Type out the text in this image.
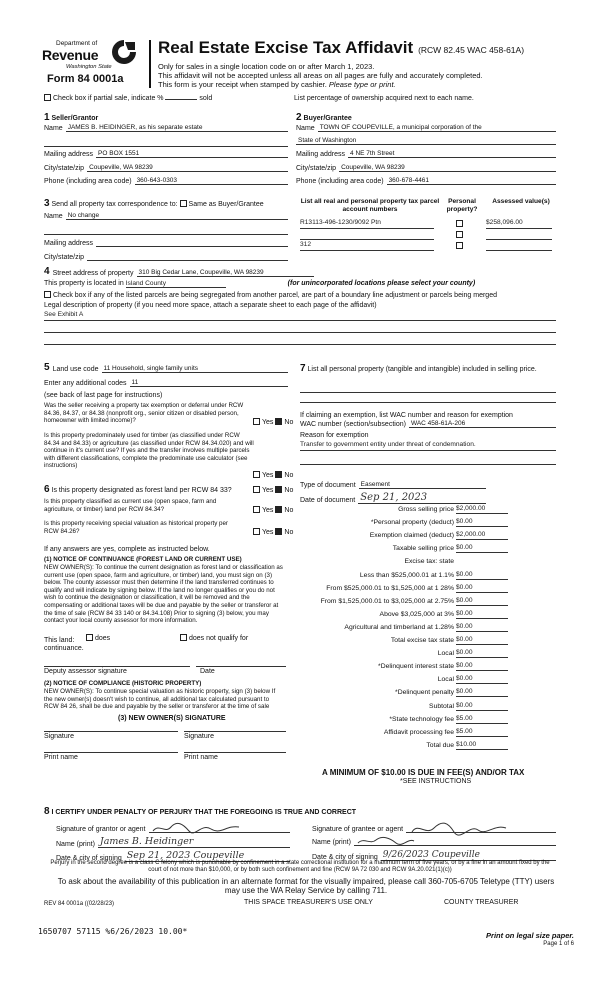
Department of
Revenue
Washington State
Form 84 0001a
Real Estate Excise Tax Affidavit (RCW 82.45 WAC 458-61A)
Only for sales in a single location code on or after March 1, 2023.
This affidavit will not be accepted unless all areas on all pages are fully and accurately completed.
This form is your receipt when stamped by cashier. Please type or print.
Check box if partial sale, indicate %	sold	List percentage of ownership acquired next to each name.
1 Seller/Grantor
Name JAMES B. HEIDINGER, as his separate estate
Mailing address PO BOX 1551
City/state/zip Coupeville, WA 98239
Phone (including area code) 360-643-0303
2 Buyer/Grantee
Name TOWN OF COUPEVILLE, a municipal corporation of the
State of Washington
Mailing address 4 NE 7th Street
City/state/zip Coupeville, WA 98239
Phone (including area code) 360-678-4461
3 Send all property tax correspondence to: Same as Buyer/Grantee
Name No change
Mailing address
City/state/zip
List all real and personal property tax parcel account numbers
Personal property?
Assessed value(s)
R13113-496-1230/9092 Ptn	$258,096.00
312
4 Street address of property 310 Big Cedar Lane, Coupeville, WA 98239
This property is located in Island County	(for unincorporated locations please select your county)
Check box if any of the listed parcels are being segregated from another parcel, are part of a boundary line adjustment or parcels being merged
Legal description of property (if you need more space, attach a separate sheet to each page of the affidavit)
See Exhibit A
5 Land use code 11 Household, single family units
Enter any additional codes 11
(see back of last page for instructions)
Was the seller receiving a property tax exemption or deferral under RCW 84.36, 84.37, or 84.38 (nonprofit org., senior citizen or disabled person, homeowner with limited income)?	Yes No
Is this property predominately used for timber (as classified under RCW 84.34 and 84.33) or agriculture (as classified under RCW 84.34.020) and will continue in it's current use? If yes and the transfer involves multiple parcels with different classifications, complete the predominate use calculator (see instructions)
Yes No
6 Is this property designated as forest land per RCW 84 33?	Yes No
Is this property classified as current use (open space, farm and agriculture, or timber) land per RCW 84.34?	Yes No
Is this property receiving special valuation as historical property per RCW 84.26?	Yes No
If any answers are yes, complete as instructed below.
(1) NOTICE OF CONTINUANCE (FOREST LAND OR CURRENT USE)
NEW OWNER(S): To continue the current designation as forest land or classification as current use (open space, farm and agriculture, or timber) land, you must sign on (3) below. The county assessor must then determine if the land transferred continues to qualify and will indicate by signing below. If the land no longer qualifies or you do not wish to continue the designation or classification, it will be removed and the compensating or additional taxes will be due and payable by the seller or transferor at the time of sale (RCW 84 33 140 or 84.34.108) Prior to signing (3) below, you may contact your local county assessor for more information.
This land:	does	does not qualify for
continuance.
Deputy assessor signature	Date
(2) NOTICE OF COMPLIANCE (HISTORIC PROPERTY)
NEW OWNER(S): To continue special valuation as historic property, sign (3) below If the new owner(s) doesn't wish to continue, all additional tax calculated pursuant to RCW 84 26, shall be due and payable by the seller or transferor at the time of sale
(3) NEW OWNER(S) SIGNATURE
Signature	Signature
Print name	Print name
7 List all personal property (tangible and intangible) included in selling price.
If claiming an exemption, list WAC number and reason for exemption
WAC number (section/subsection) WAC 458-61A-206
Reason for exemption
Transfer to government entity under threat of condemnation.
Type of document Easement
Date of document Sep 21, 2023
Gross selling price $2,000.00
*Personal property (deduct) $0.00
Exemption claimed (deduct) $2,000.00
Taxable selling price $0.00
Excise tax: state
Less than $525,000.01 at 1.1% $0.00
From $525,000.01 to $1,525,000 at 1 28% $0.00
From $1,525,000.01 to $3,025,000 at 2.75% $0.00
Above $3,025,000 at 3% $0.00
Agricultural and timberland at 1.28% $0.00
Total excise tax state $0.00
Local $0.00
*Delinquent interest state $0.00
Local $0.00
*Delinquent penalty $0.00
Subtotal $0.00
*State technology fee $5.00
Affidavit processing fee $5.00
Total due $10.00
A MINIMUM OF $10.00 IS DUE IN FEE(S) AND/OR TAX
*SEE INSTRUCTIONS
8 I CERTIFY UNDER PENALTY OF PERJURY THAT THE FOREGOING IS TRUE AND CORRECT
Signature of grantor or agent
Name (print) James B. Heidinger
Date & city of signing Sep 21, 2023 Coupeville
Signature of grantee or agent
Name (print)
Date & city of signing 9/26/2023 Coupeville
Perjury in the second degree is a class C felony which is punishable by confinement in a state correctional institution for a maximum term of five years, or by a fine in an amount fixed by the court of not more than $10,000, or by both such confinement and fine (RCW 9A 72 030 and RCW 9A.20.021(1)(c))
To ask about the availability of this publication in an alternate format for the visually impaired, please call 360-705-6705 Teletype (TTY) users may use the WA Relay Service by calling 711.
REV 84 0001a ((02/28/23)	THIS SPACE TREASURER'S USE ONLY	COUNTY TREASURER
1650707 57115 %6/26/2023 10.00*	Print on legal size paper.
Page 1 of 6
